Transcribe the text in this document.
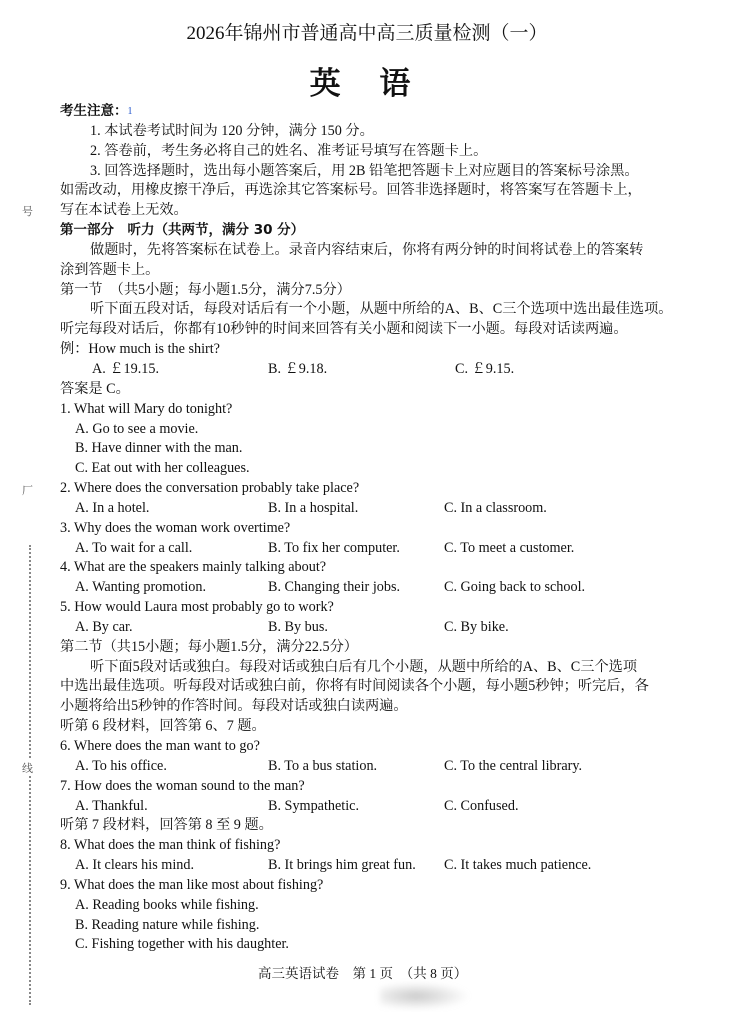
2026年锦州市普通高中高三质量检测（一）
英 语
号
厂
线
考生注意：$^1$
1. 本试卷考试时间为 120 分钟，满分 150 分。
2. 答卷前，考生务必将自己的姓名、准考证号填写在答题卡上。
3. 回答选择题时，选出每小题答案后，用 2B 铅笔把答题卡上对应题目的答案标号涂黑。
如需改动，用橡皮擦干净后，再选涂其它答案标号。回答非选择题时，将答案写在答题卡上，
写在本试卷上无效。
第一部分　听力（共两节，满分 30 分）
做题时，先将答案标在试卷上。录音内容结束后，你将有两分钟的时间将试卷上的答案转
涂到答题卡上。
第一节　（共5小题；每小题1.5分，满分7.5分）
听下面五段对话，每段对话后有一个小题，从题中所给的A、B、C三个选项中选出最佳选项。
听完每段对话后，你都有10秒钟的时间来回答有关小题和阅读下一小题。每段对话读两遍。
例：How much is the shirt?
A. ￡19.15.	B. ￡9.18.	C. ￡9.15.
答案是 C。
1. What will Mary do tonight?
A. Go to see a movie.
B. Have dinner with the man.
C. Eat out with her colleagues.
2. Where does the conversation probably take place?
A. In a hotel.	B. In a hospital.	C. In a classroom.
3. Why does the woman work overtime?
A. To wait for a call.	B. To fix her computer.	C. To meet a customer.
4. What are the speakers mainly talking about?
A. Wanting promotion.	B. Changing their jobs.	C. Going back to school.
5. How would Laura most probably go to work?
A. By car.	B. By bus.	C. By bike.
第二节（共15小题；每小题1.5分，满分22.5分）
听下面5段对话或独白。每段对话或独白后有几个小题，从题中所给的A、B、C三个选项
中选出最佳选项。听每段对话或独白前，你将有时间阅读各个小题，每小题5秒钟；听完后，各
小题将给出5秒钟的作答时间。每段对话或独白读两遍。
听第 6 段材料，回答第 6、7 题。
6. Where does the man want to go?
A. To his office.	B. To a bus station.	C. To the central library.
7. How does the woman sound to the man?
A. Thankful.	B. Sympathetic.	C. Confused.
听第 7 段材料，回答第 8 至 9 题。
8. What does the man think of fishing?
A. It clears his mind.	B. It brings him great fun. C. It takes much patience.
9. What does the man like most about fishing?
A. Reading books while fishing.
B. Reading nature while fishing.
C. Fishing together with his daughter.
高三英语试卷　第 1 页　（共 8 页）
